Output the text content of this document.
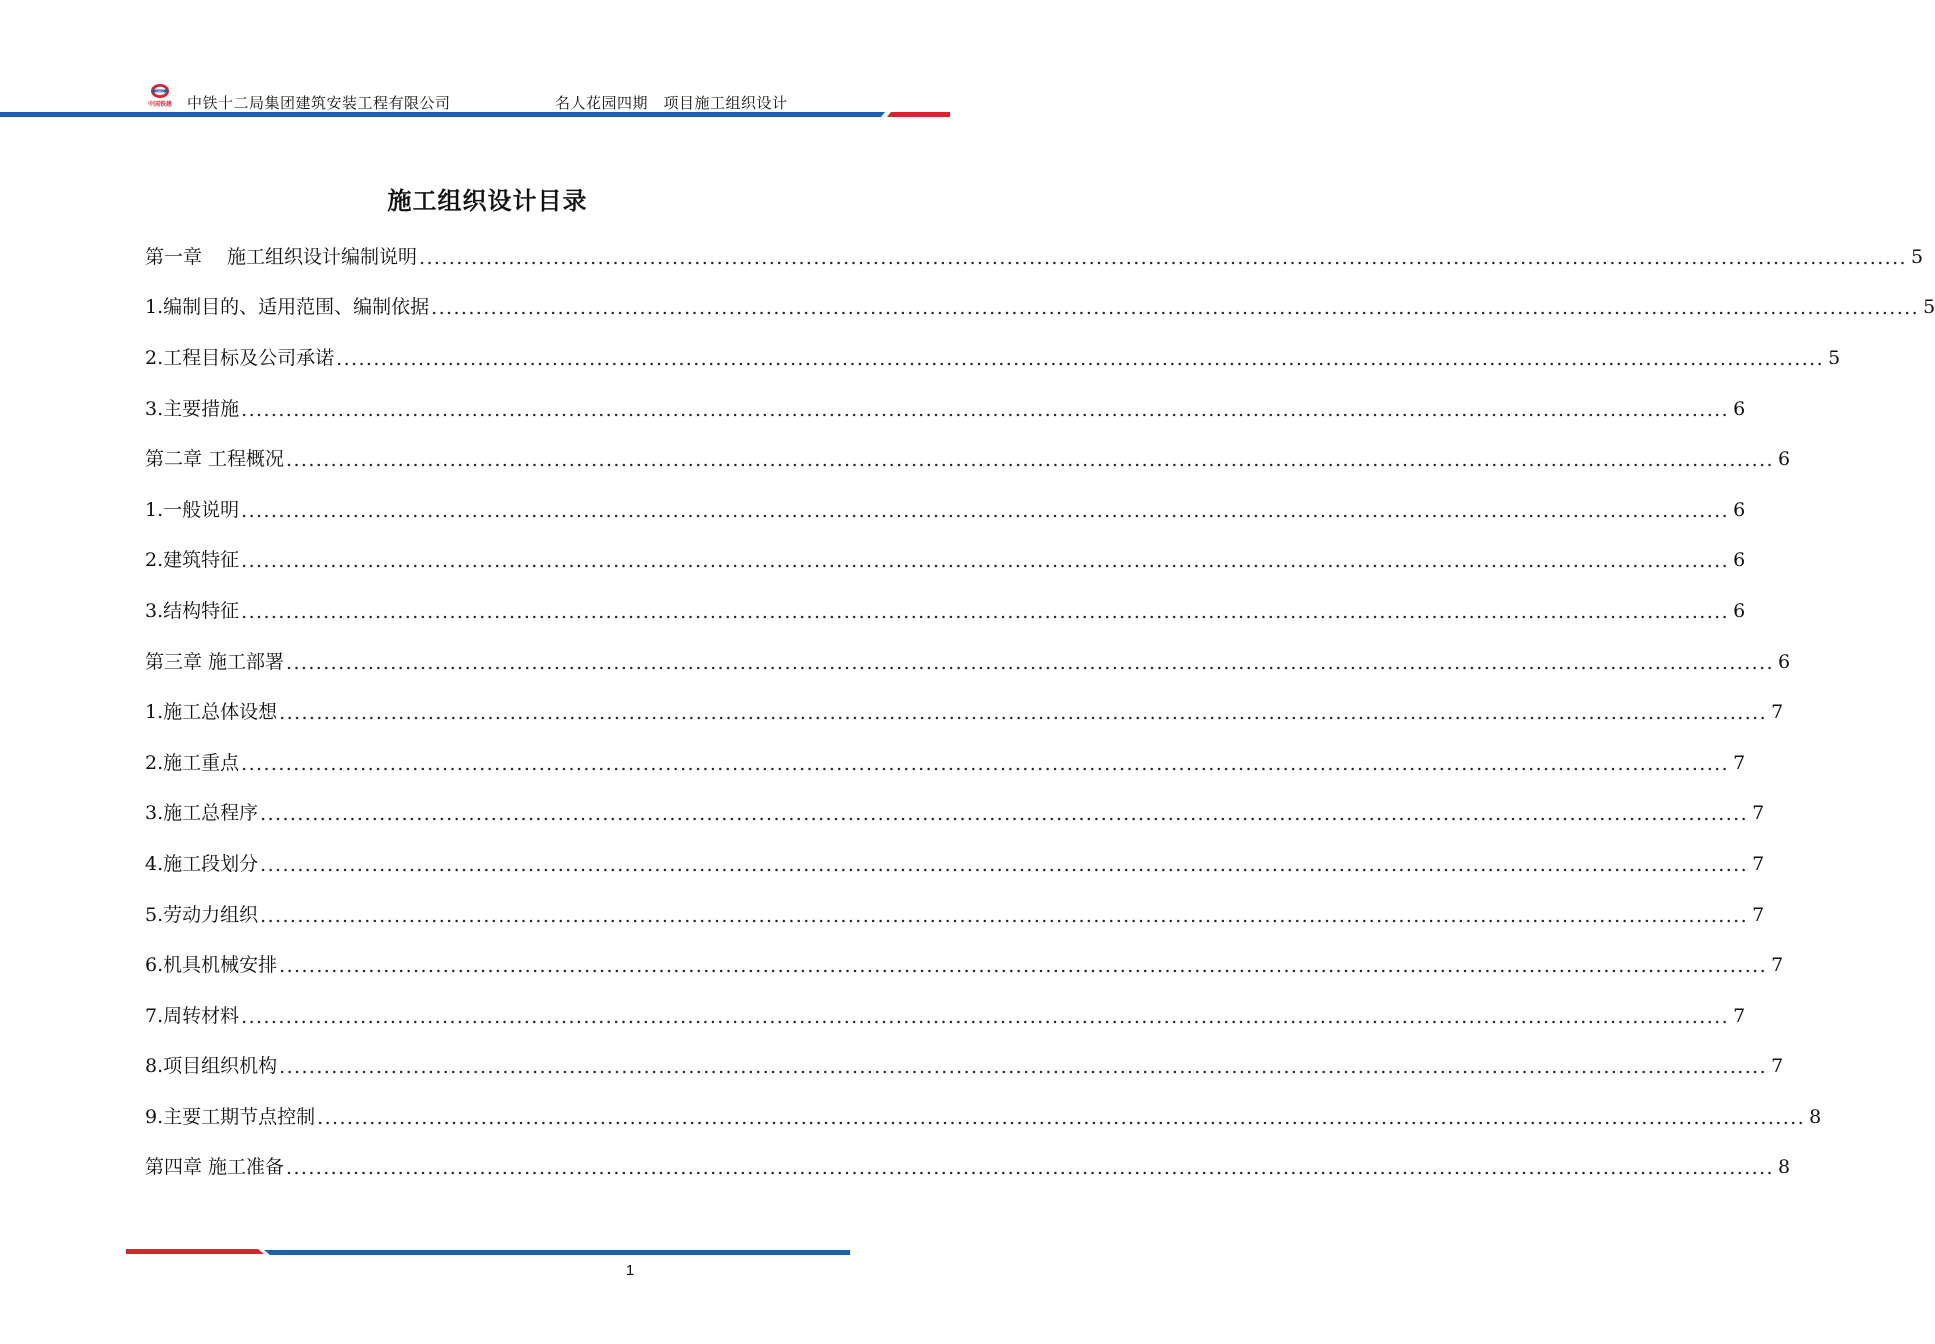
CRCC
中国铁建 中铁十二局集团建筑安装工程有限公司	名人花园四期　项目施工组织设计
施工组织设计目录
第一章　 施工组织设计编制说明 ........................................................................................................................................................................................................ 5
1.编制目的、适用范围、编制依据 ........................................................................................................................................................................................................ 5
2.工程目标及公司承诺 ........................................................................................................................................................................................................ 5
3.主要措施 ........................................................................................................................................................................................................ 6
第二章 工程概况 ........................................................................................................................................................................................................ 6
1.一般说明 ........................................................................................................................................................................................................ 6
2.建筑特征 ........................................................................................................................................................................................................ 6
3.结构特征 ........................................................................................................................................................................................................ 6
第三章 施工部署 ........................................................................................................................................................................................................ 6
1.施工总体设想 ........................................................................................................................................................................................................ 7
2.施工重点 ........................................................................................................................................................................................................ 7
3.施工总程序 ........................................................................................................................................................................................................ 7
4.施工段划分 ........................................................................................................................................................................................................ 7
5.劳动力组织 ........................................................................................................................................................................................................ 7
6.机具机械安排 ........................................................................................................................................................................................................ 7
7.周转材料 ........................................................................................................................................................................................................ 7
8.项目组织机构 ........................................................................................................................................................................................................ 7
9.主要工期节点控制 ........................................................................................................................................................................................................ 8
第四章 施工准备 ........................................................................................................................................................................................................ 8
1
